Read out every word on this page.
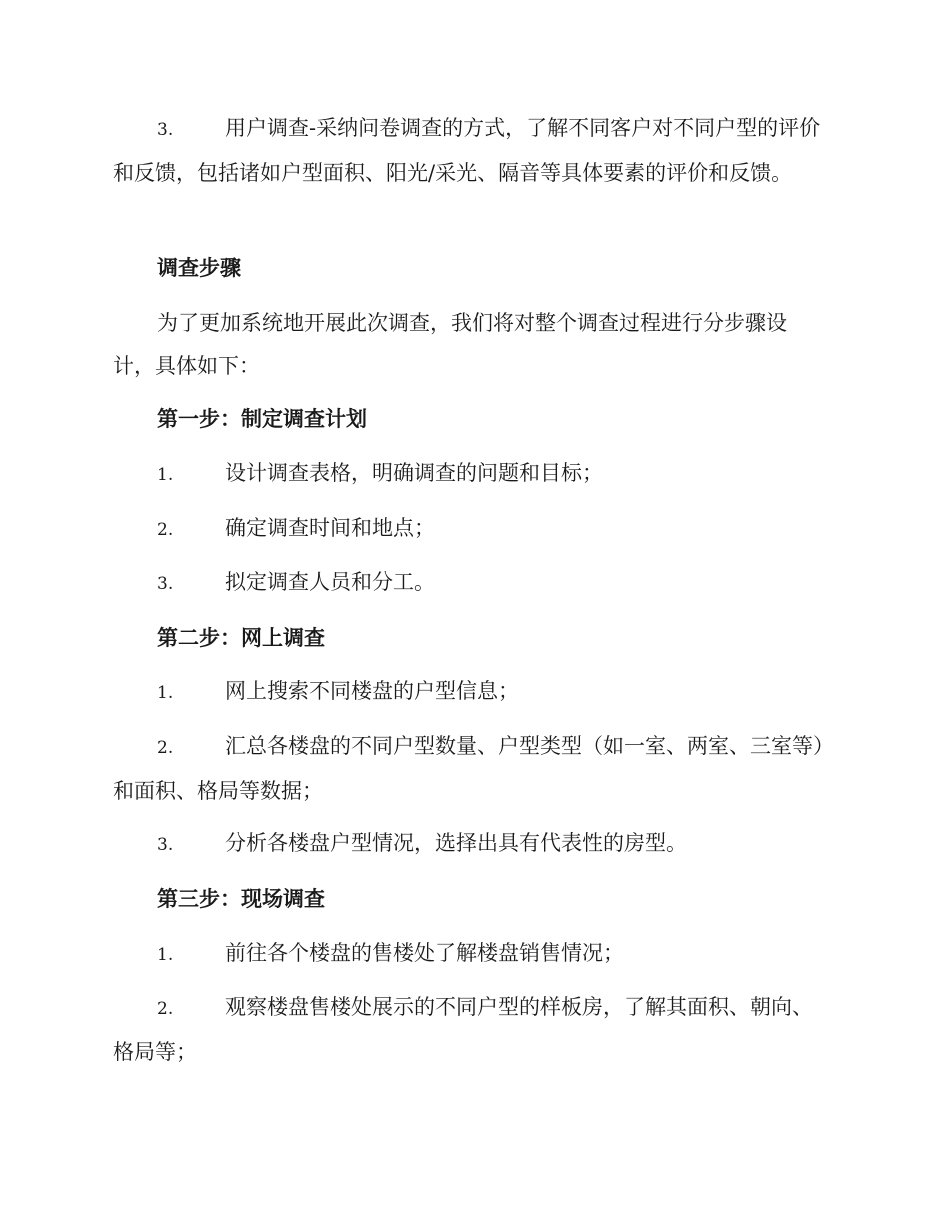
3. 用户调查-采纳问卷调查的方式，了解不同客户对不同户型的评价和反馈，包括诸如户型面积、阳光/采光、隔音等具体要素的评价和反馈。

调查步骤

为了更加系统地开展此次调查，我们将对整个调查过程进行分步骤设计，具体如下：

第一步：制定调查计划

1. 设计调查表格，明确调查的问题和目标；

2. 确定调查时间和地点；

3. 拟定调查人员和分工。

第二步：网上调查

1. 网上搜索不同楼盘的户型信息；

2. 汇总各楼盘的不同户型数量、户型类型（如一室、两室、三室等）和面积、格局等数据；

3. 分析各楼盘户型情况，选择出具有代表性的房型。

第三步：现场调查

1. 前往各个楼盘的售楼处了解楼盘销售情况；

2. 观察楼盘售楼处展示的不同户型的样板房，了解其面积、朝向、格局等；
